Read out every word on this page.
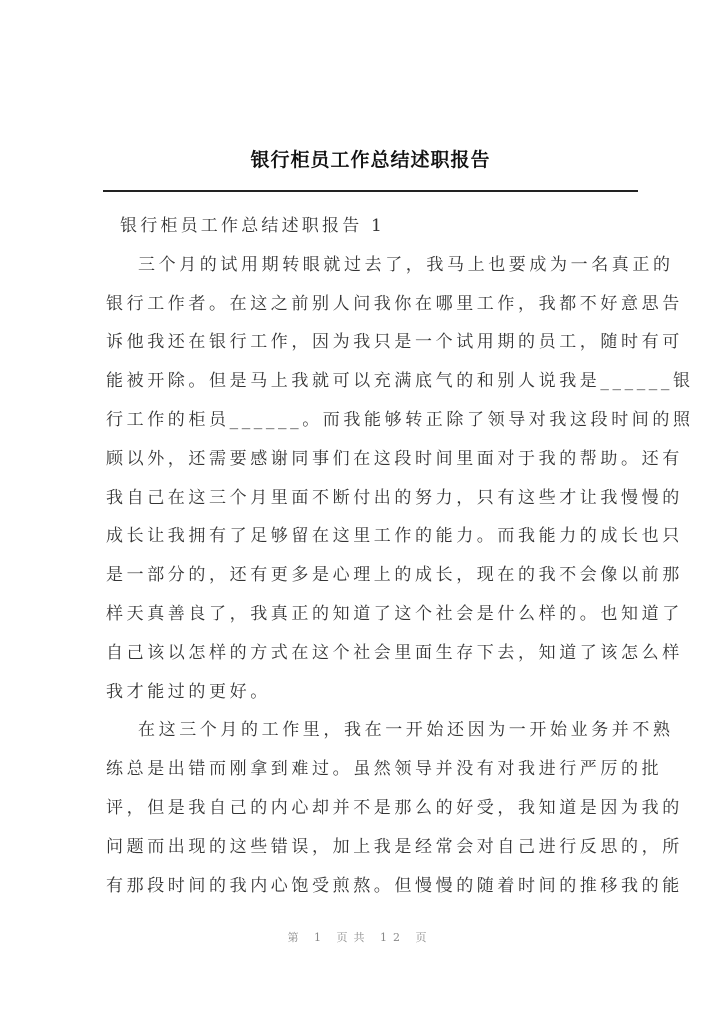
银行柜员工作总结述职报告
银行柜员工作总结述职报告 1
三个月的试用期转眼就过去了，我马上也要成为一名真正的
银行工作者。在这之前别人问我你在哪里工作，我都不好意思告
诉他我还在银行工作，因为我只是一个试用期的员工，随时有可
能被开除。但是马上我就可以充满底气的和别人说我是______银
行工作的柜员______。而我能够转正除了领导对我这段时间的照
顾以外，还需要感谢同事们在这段时间里面对于我的帮助。还有
我自己在这三个月里面不断付出的努力，只有这些才让我慢慢的
成长让我拥有了足够留在这里工作的能力。而我能力的成长也只
是一部分的，还有更多是心理上的成长，现在的我不会像以前那
样天真善良了，我真正的知道了这个社会是什么样的。也知道了
自己该以怎样的方式在这个社会里面生存下去，知道了该怎么样
我才能过的更好。
在这三个月的工作里，我在一开始还因为一开始业务并不熟
练总是出错而刚拿到难过。虽然领导并没有对我进行严厉的批
评，但是我自己的内心却并不是那么的好受，我知道是因为我的
问题而出现的这些错误，加上我是经常会对自己进行反思的，所
有那段时间的我内心饱受煎熬。但慢慢的随着时间的推移我的能
第 1 页共 12 页
